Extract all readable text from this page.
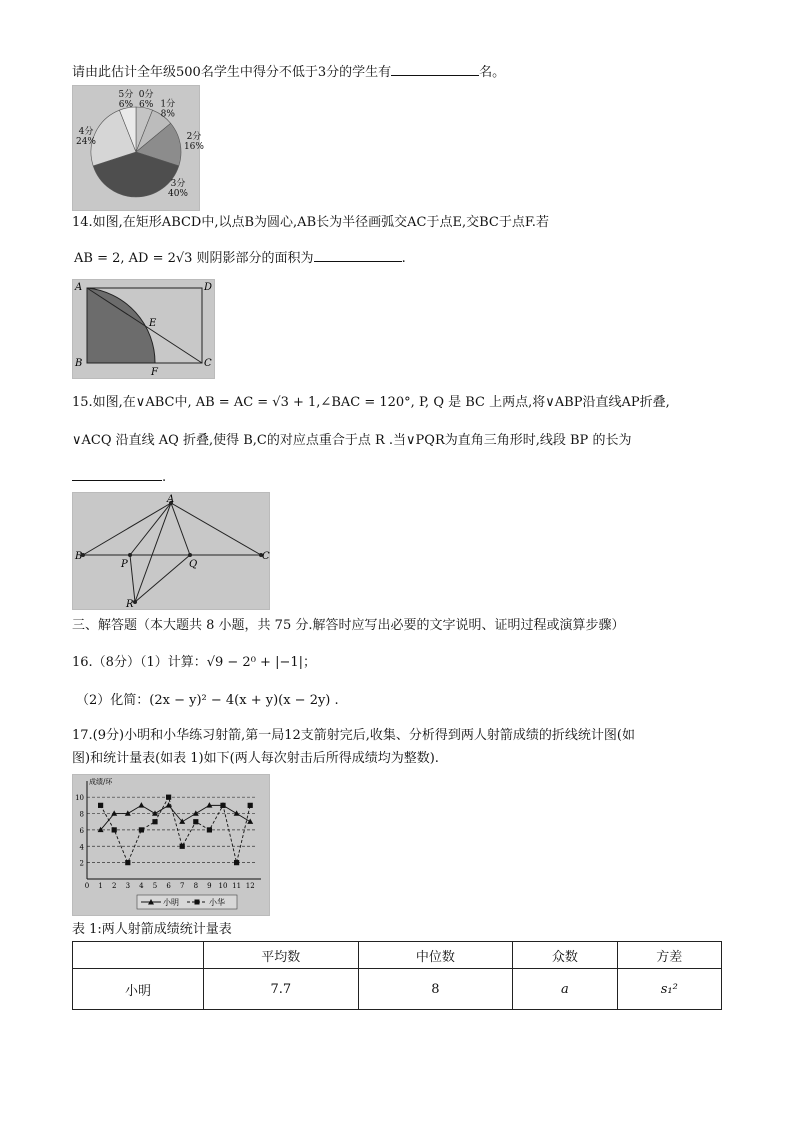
请由此估计全年级500名学生中得分不低于3分的学生有	名。
0分
6% 1分
8%
2分
16%
3分
40%
4分
24%
5分
6%
14.如图,在矩形ABCD中,以点B为圆心,AB长为半径画弧交AC于点E,交BC于点F.若
AB = 2, AD = 2√3 则阴影部分的面积为	.
A
B	C
D
E
F
15.如图,在∨ABC中, AB = AC = √3 + 1,∠BAC = 120°, P, Q 是 BC 上两点,将∨ABP沿直线AP折叠,
∨ACQ 沿直线 AQ 折叠,使得 B,C的对应点重合于点 R .当∨PQR为直角三角形时,线段 BP 的长为
.
A
B	C
P	Q
R
三、解答题（本大题共 8 小题，共 75 分.解答时应写出必要的文字说明、证明过程或演算步骤）
16.（8分）（1）计算：√9 − 2⁰ + |−1|；
（2）化简：(2x − y)² − 4(x + y)(x − 2y) .
17.(9分)小明和小华练习射箭,第一局12支箭射完后,收集、分析得到两人射箭成绩的折线统计图(如
图)和统计量表(如表 1)如下(两人每次射击后所得成绩均为整数).
2
4
6
8
10
成绩/环
0 1 2 3 4 5 6 7 8 9 10 11 12
小明	小华
表 1:两人射箭成绩统计量表
	平均数	中位数	众数	方差
小明	7.7	8	a	s₁²
